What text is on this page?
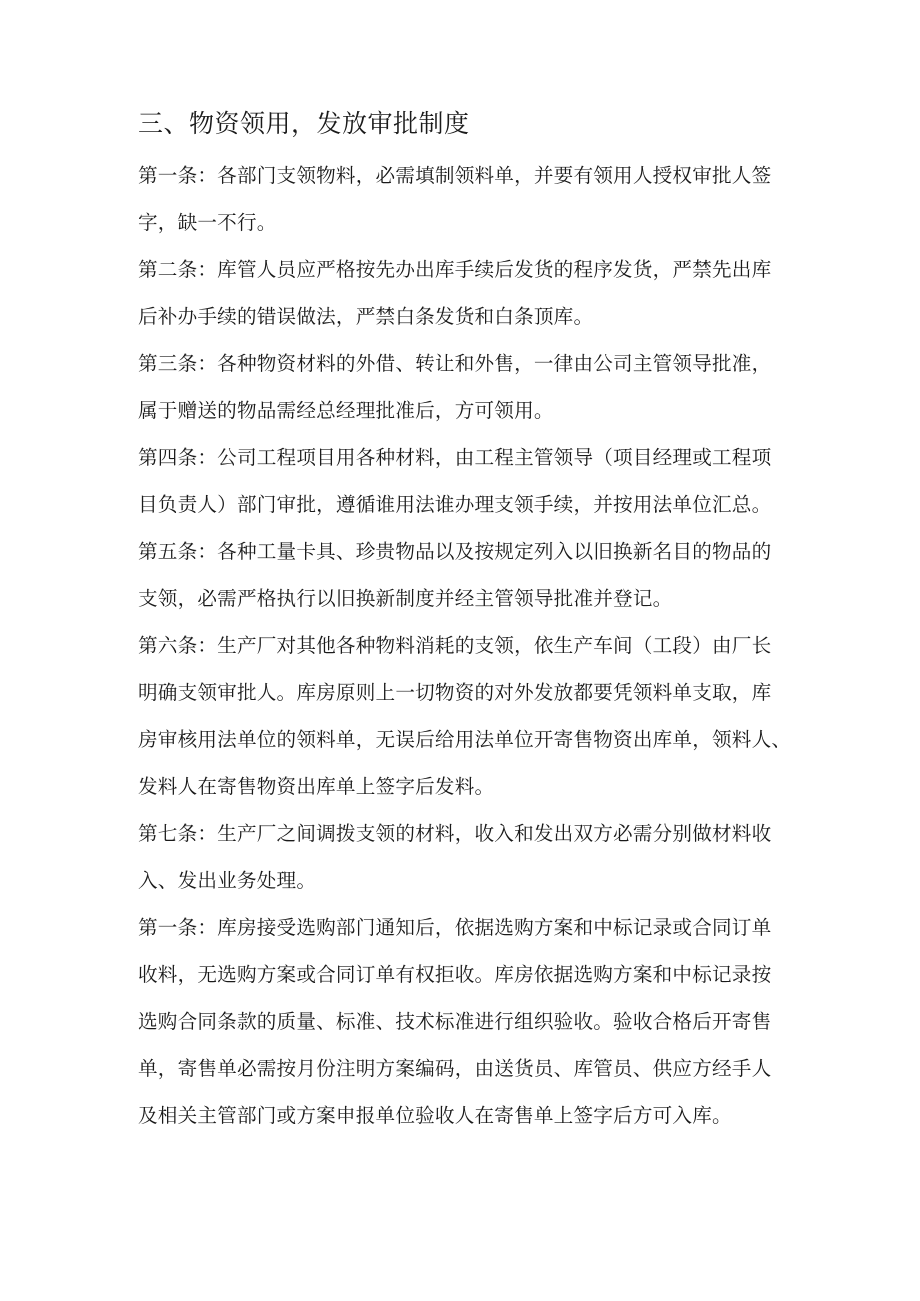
三、物资领用，发放审批制度
第一条：各部门支领物料，必需填制领料单，并要有领用人授权审批人签
字，缺一不行。
第二条：库管人员应严格按先办出库手续后发货的程序发货，严禁先出库
后补办手续的错误做法，严禁白条发货和白条顶库。
第三条：各种物资材料的外借、转让和外售，一律由公司主管领导批准，
属于赠送的物品需经总经理批准后，方可领用。
第四条：公司工程项目用各种材料，由工程主管领导（项目经理或工程项
目负责人）部门审批，遵循谁用法谁办理支领手续，并按用法单位汇总。
第五条：各种工量卡具、珍贵物品以及按规定列入以旧换新名目的物品的
支领，必需严格执行以旧换新制度并经主管领导批准并登记。
第六条：生产厂对其他各种物料消耗的支领，依生产车间（工段）由厂长
明确支领审批人。库房原则上一切物资的对外发放都要凭领料单支取，库
房审核用法单位的领料单，无误后给用法单位开寄售物资出库单，领料人、
发料人在寄售物资出库单上签字后发料。
第七条：生产厂之间调拨支领的材料，收入和发出双方必需分别做材料收
入、发出业务处理。
第一条：库房接受选购部门通知后，依据选购方案和中标记录或合同订单
收料，无选购方案或合同订单有权拒收。库房依据选购方案和中标记录按
选购合同条款的质量、标准、技术标准进行组织验收。验收合格后开寄售
单，寄售单必需按月份注明方案编码，由送货员、库管员、供应方经手人
及相关主管部门或方案申报单位验收人在寄售单上签字后方可入库。
